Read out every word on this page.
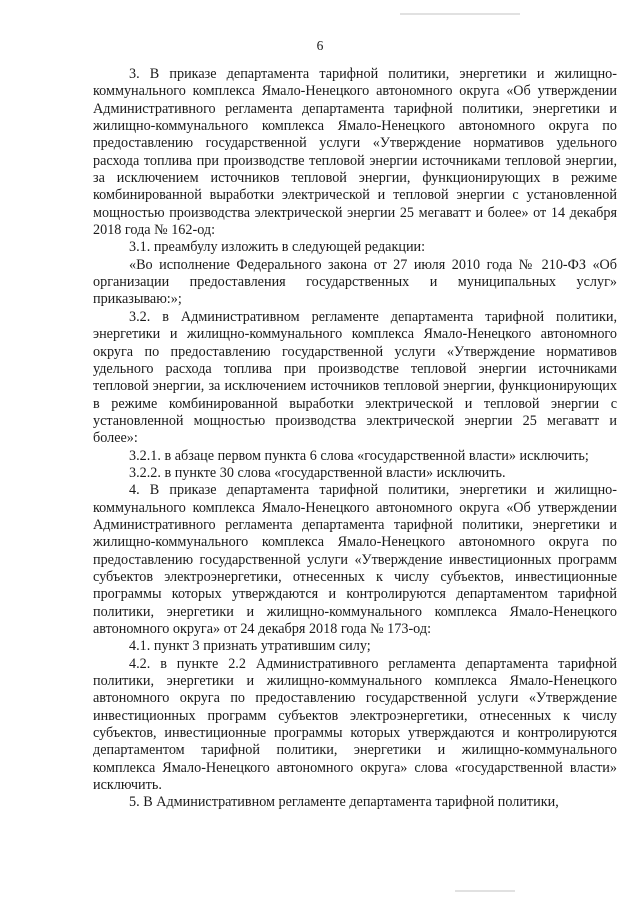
6

3. В приказе департамента тарифной политики, энергетики и жилищно-коммунального комплекса Ямало-Ненецкого автономного округа «Об утверждении Административного регламента департамента тарифной политики, энергетики и жилищно-коммунального комплекса Ямало-Ненецкого автономного округа по предоставлению государственной услуги «Утверждение нормативов удельного расхода топлива при производстве тепловой энергии источниками тепловой энергии, за исключением источников тепловой энергии, функционирующих в режиме комбинированной выработки электрической и тепловой энергии с установленной мощностью производства электрической энергии 25 мегаватт и более» от 14 декабря 2018 года № 162-од:

3.1. преамбулу изложить в следующей редакции:

«Во исполнение Федерального закона от 27 июля 2010 года № 210-ФЗ «Об организации предоставления государственных и муниципальных услуг» приказываю:»;

3.2. в Административном регламенте департамента тарифной политики, энергетики и жилищно-коммунального комплекса Ямало-Ненецкого автономного округа по предоставлению государственной услуги «Утверждение нормативов удельного расхода топлива при производстве тепловой энергии источниками тепловой энергии, за исключением источников тепловой энергии, функционирующих в режиме комбинированной выработки электрической и тепловой энергии с установленной мощностью производства электрической энергии 25 мегаватт и более»:

3.2.1. в абзаце первом пункта 6 слова «государственной власти» исключить;

3.2.2. в пункте 30 слова «государственной власти» исключить.

4. В приказе департамента тарифной политики, энергетики и жилищно-коммунального комплекса Ямало-Ненецкого автономного округа «Об утверждении Административного регламента департамента тарифной политики, энергетики и жилищно-коммунального комплекса Ямало-Ненецкого автономного округа по предоставлению государственной услуги «Утверждение инвестиционных программ субъектов электроэнергетики, отнесенных к числу субъектов, инвестиционные программы которых утверждаются и контролируются департаментом тарифной политики, энергетики и жилищно-коммунального комплекса Ямало-Ненецкого автономного округа» от 24 декабря 2018 года № 173-од:

4.1. пункт 3 признать утратившим силу;

4.2. в пункте 2.2 Административного регламента департамента тарифной политики, энергетики и жилищно-коммунального комплекса Ямало-Ненецкого автономного округа по предоставлению государственной услуги «Утверждение инвестиционных программ субъектов электроэнергетики, отнесенных к числу субъектов, инвестиционные программы которых утверждаются и контролируются департаментом тарифной политики, энергетики и жилищно-коммунального комплекса Ямало-Ненецкого автономного округа» слова «государственной власти» исключить.

5. В Административном регламенте департамента тарифной политики,
